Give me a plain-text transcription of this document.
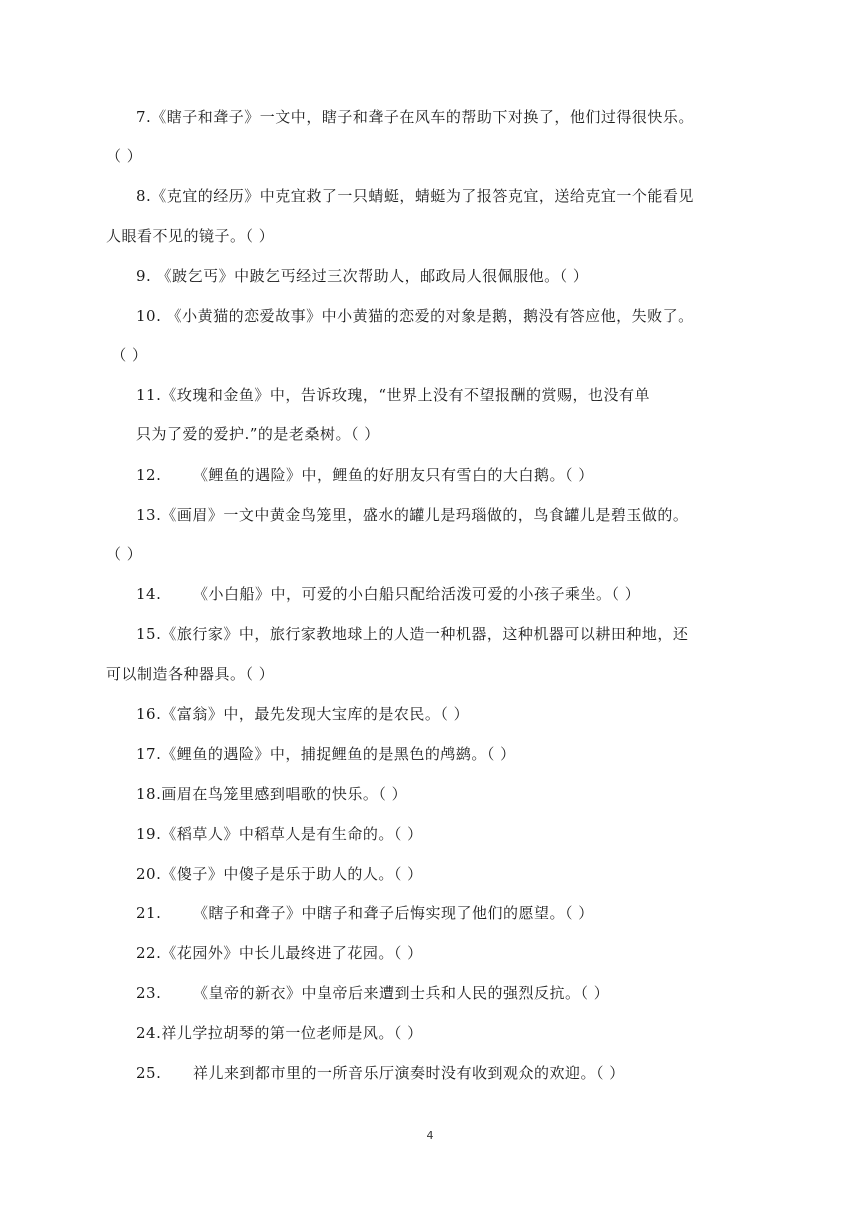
7.《瞎子和聋子》一文中，瞎子和聋子在风车的帮助下对换了，他们过得很快乐。
（ ）
8.《克宜的经历》中克宜救了一只蜻蜓，蜻蜓为了报答克宜，送给克宜一个能看见
人眼看不见的镜子。（ ）
9. 《跛乞丐》中跛乞丐经过三次帮助人，邮政局人很佩服他。（ ）
10. 《小黄猫的恋爱故事》中小黄猫的恋爱的对象是鹅，鹅没有答应他，失败了。
（ ）
11.《玫瑰和金鱼》中，告诉玫瑰，“世界上没有不望报酬的赏赐，也没有单
只为了爱的爱护.”的是老桑树。（ ）
12.      《鲤鱼的遇险》中，鲤鱼的好朋友只有雪白的大白鹅。（ ）
13.《画眉》一文中黄金鸟笼里，盛水的罐儿是玛瑙做的，鸟食罐儿是碧玉做的。
（ ）
14.      《小白船》中，可爱的小白船只配给活泼可爱的小孩子乘坐。（ ）
15.《旅行家》中，旅行家教地球上的人造一种机器，这种机器可以耕田种地，还
可以制造各种器具。（ ）
16.《富翁》中，最先发现大宝库的是农民。（ ）
17.《鲤鱼的遇险》中，捕捉鲤鱼的是黑色的鸬鹚。（ ）
18.画眉在鸟笼里感到唱歌的快乐。（ ）
19.《稻草人》中稻草人是有生命的。（ ）
20.《傻子》中傻子是乐于助人的人。（ ）
21.      《瞎子和聋子》中瞎子和聋子后悔实现了他们的愿望。（ ）
22.《花园外》中长儿最终进了花园。（ ）
23.      《皇帝的新衣》中皇帝后来遭到士兵和人民的强烈反抗。（ ）
24.祥儿学拉胡琴的第一位老师是风。（ ）
25.      祥儿来到都市里的一所音乐厅演奏时没有收到观众的欢迎。（ ）
4
